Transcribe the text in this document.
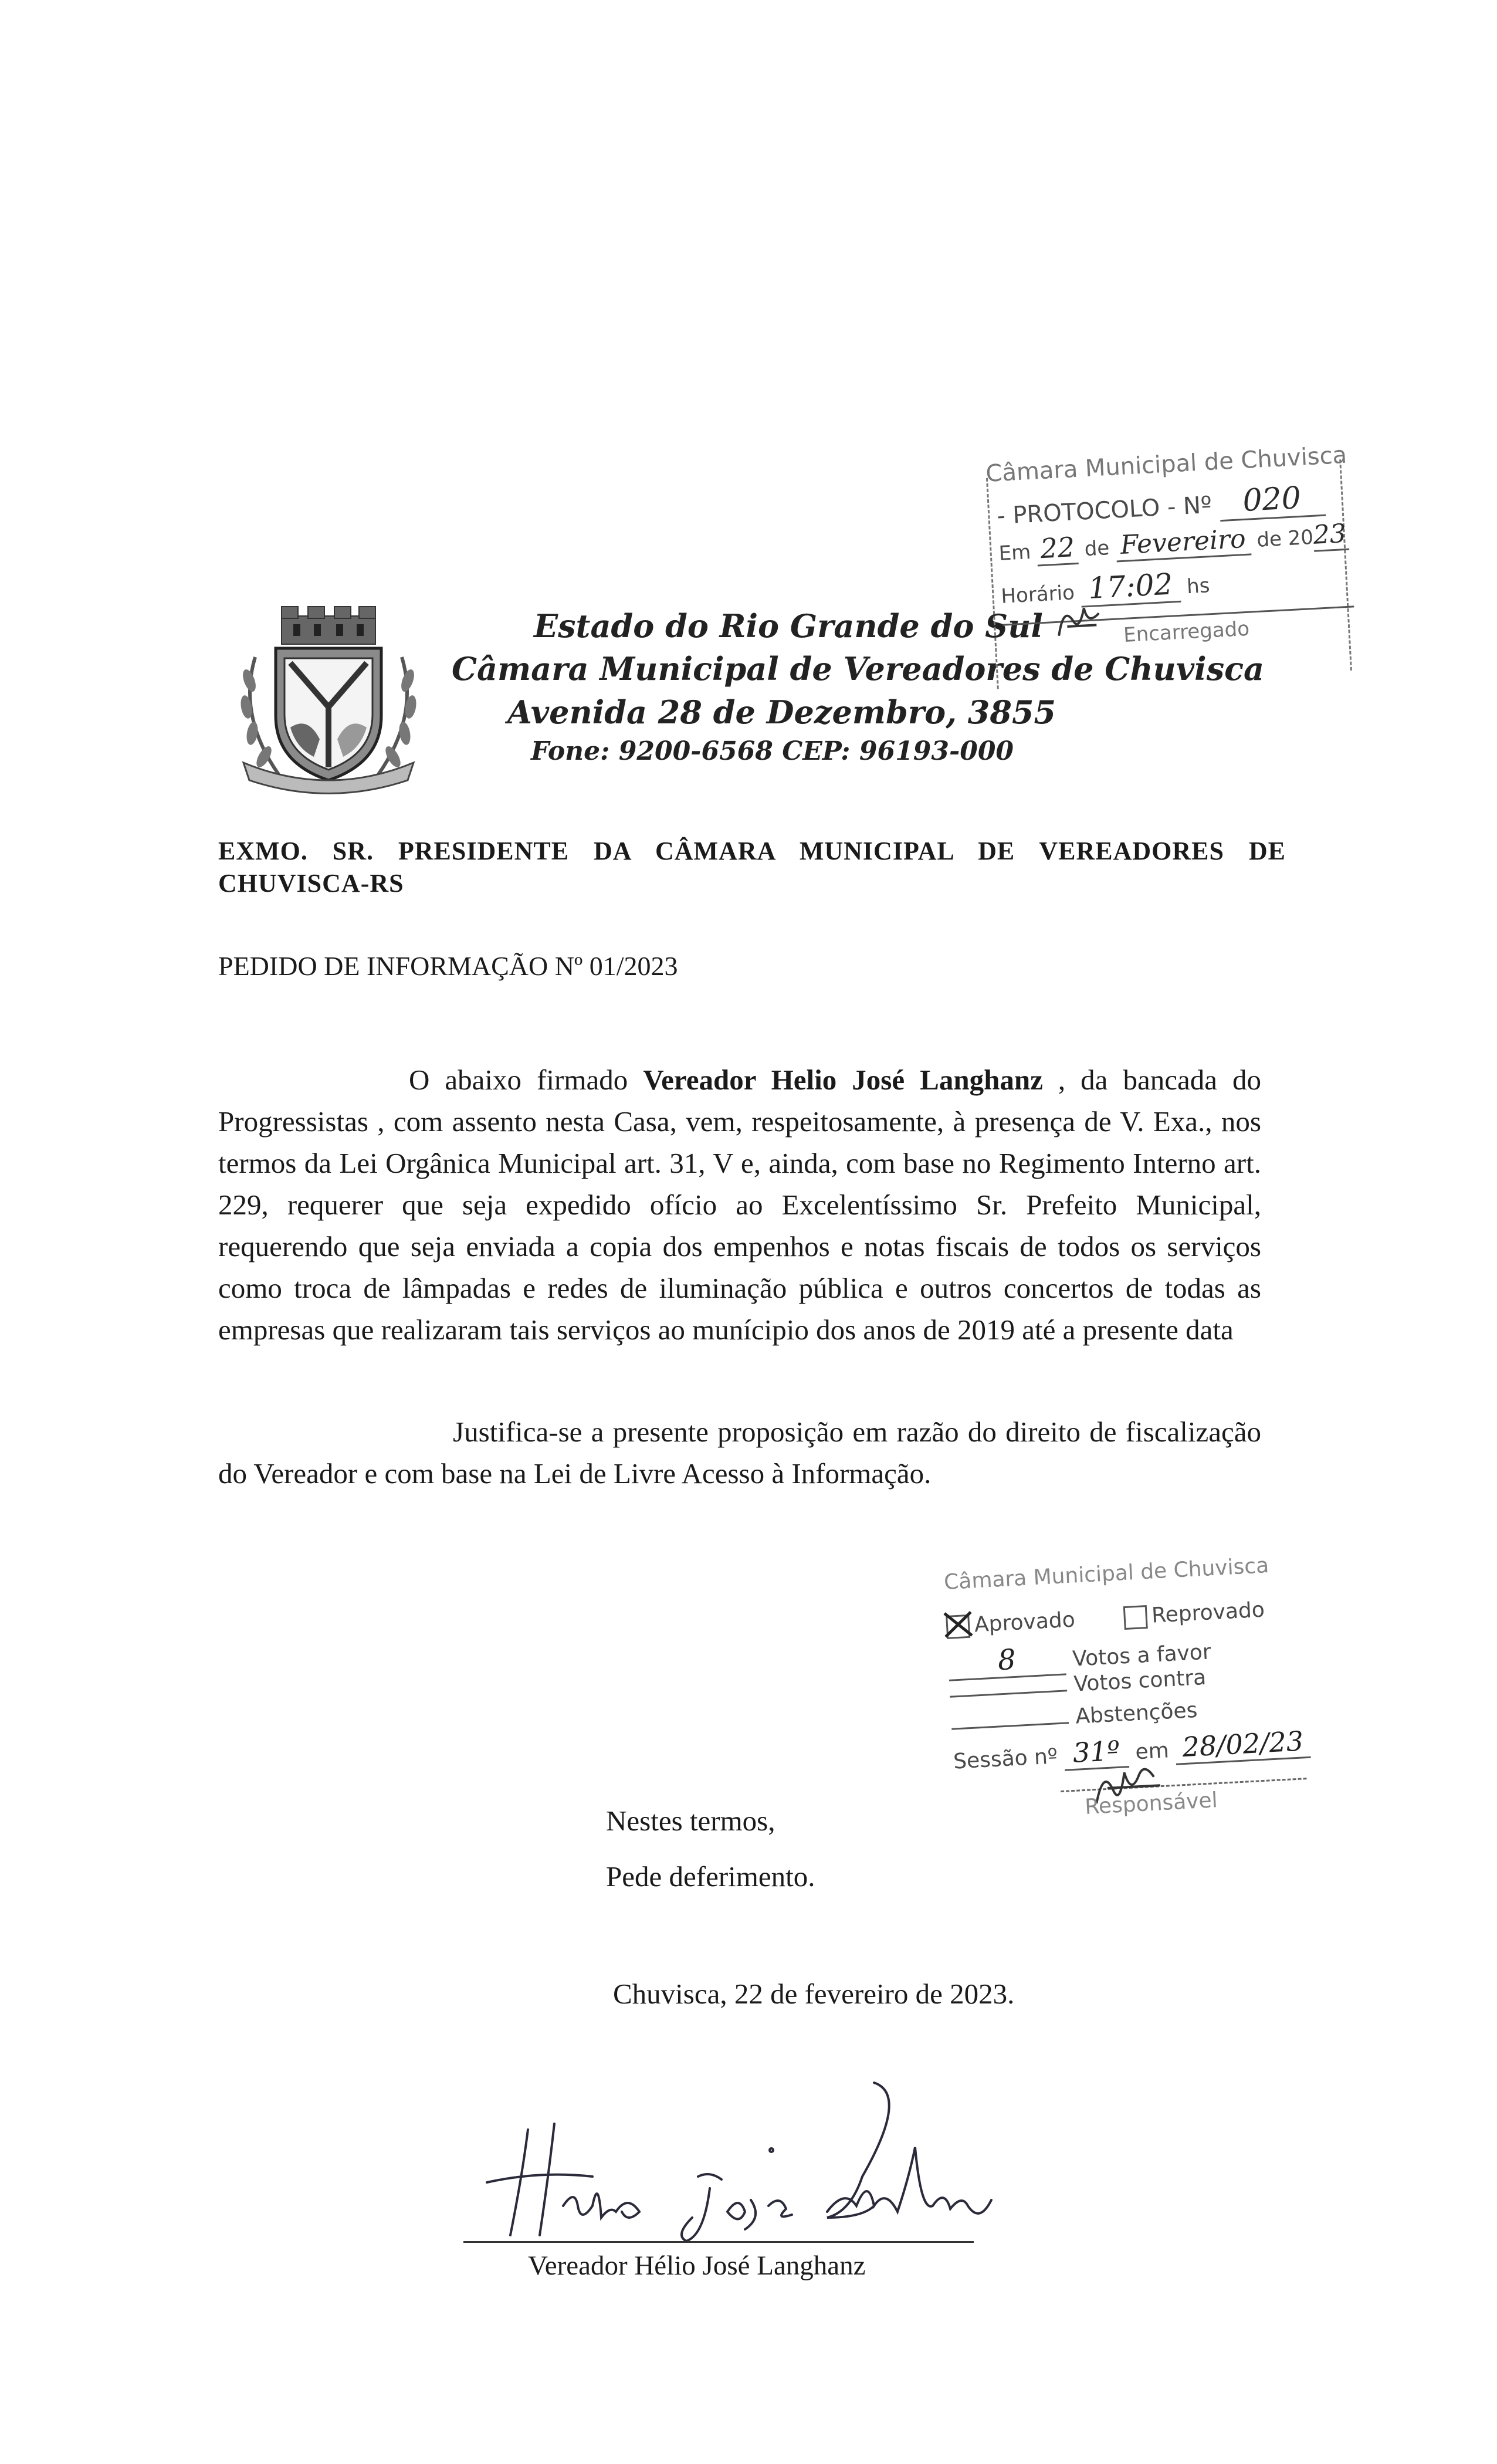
Estado do Rio Grande do Sul
Câmara Municipal de Vereadores de Chuvisca
Avenida 28 de Dezembro, 3855
Fone: 9200-6568 CEP: 96193-000
Câmara Municipal de Chuvisca
- PROTOCOLO - Nº 020
Em 22 de Fevereiro de 2023
Horário 17:02 hs
Encarregado
EXMO. SR. PRESIDENTE DA CÂMARA MUNICIPAL DE VEREADORES DE
CHUVISCA-RS
PEDIDO DE INFORMAÇÃO Nº 01/2023
O abaixo firmado Vereador Helio José Langhanz , da bancada do Progressistas , com assento nesta Casa, vem, respeitosamente, à presença de V. Exa., nos termos da Lei Orgânica Municipal art. 31, V e, ainda, com base no Regimento Interno art. 229, requerer que seja expedido ofício ao Excelentíssimo Sr. Prefeito Municipal, requerendo que seja enviada a copia dos empenhos e notas fiscais de todos os serviços como troca de lâmpadas e redes de iluminação pública e outros concertos de todas as empresas que realizaram tais serviços ao munícipio dos anos de 2019 até a presente data
Justifica-se a presente proposição em razão do direito de fiscalização do Vereador e com base na Lei de Livre Acesso à Informação.
Câmara Municipal de Chuvisca
Aprovado	Reprovado
8	Votos a favor
Votos contra
Abstenções
Sessão nº 31º em 28/02/23
Responsável
Nestes termos,
Pede deferimento.
Chuvisca, 22 de fevereiro de 2023.
Vereador Hélio José Langhanz
